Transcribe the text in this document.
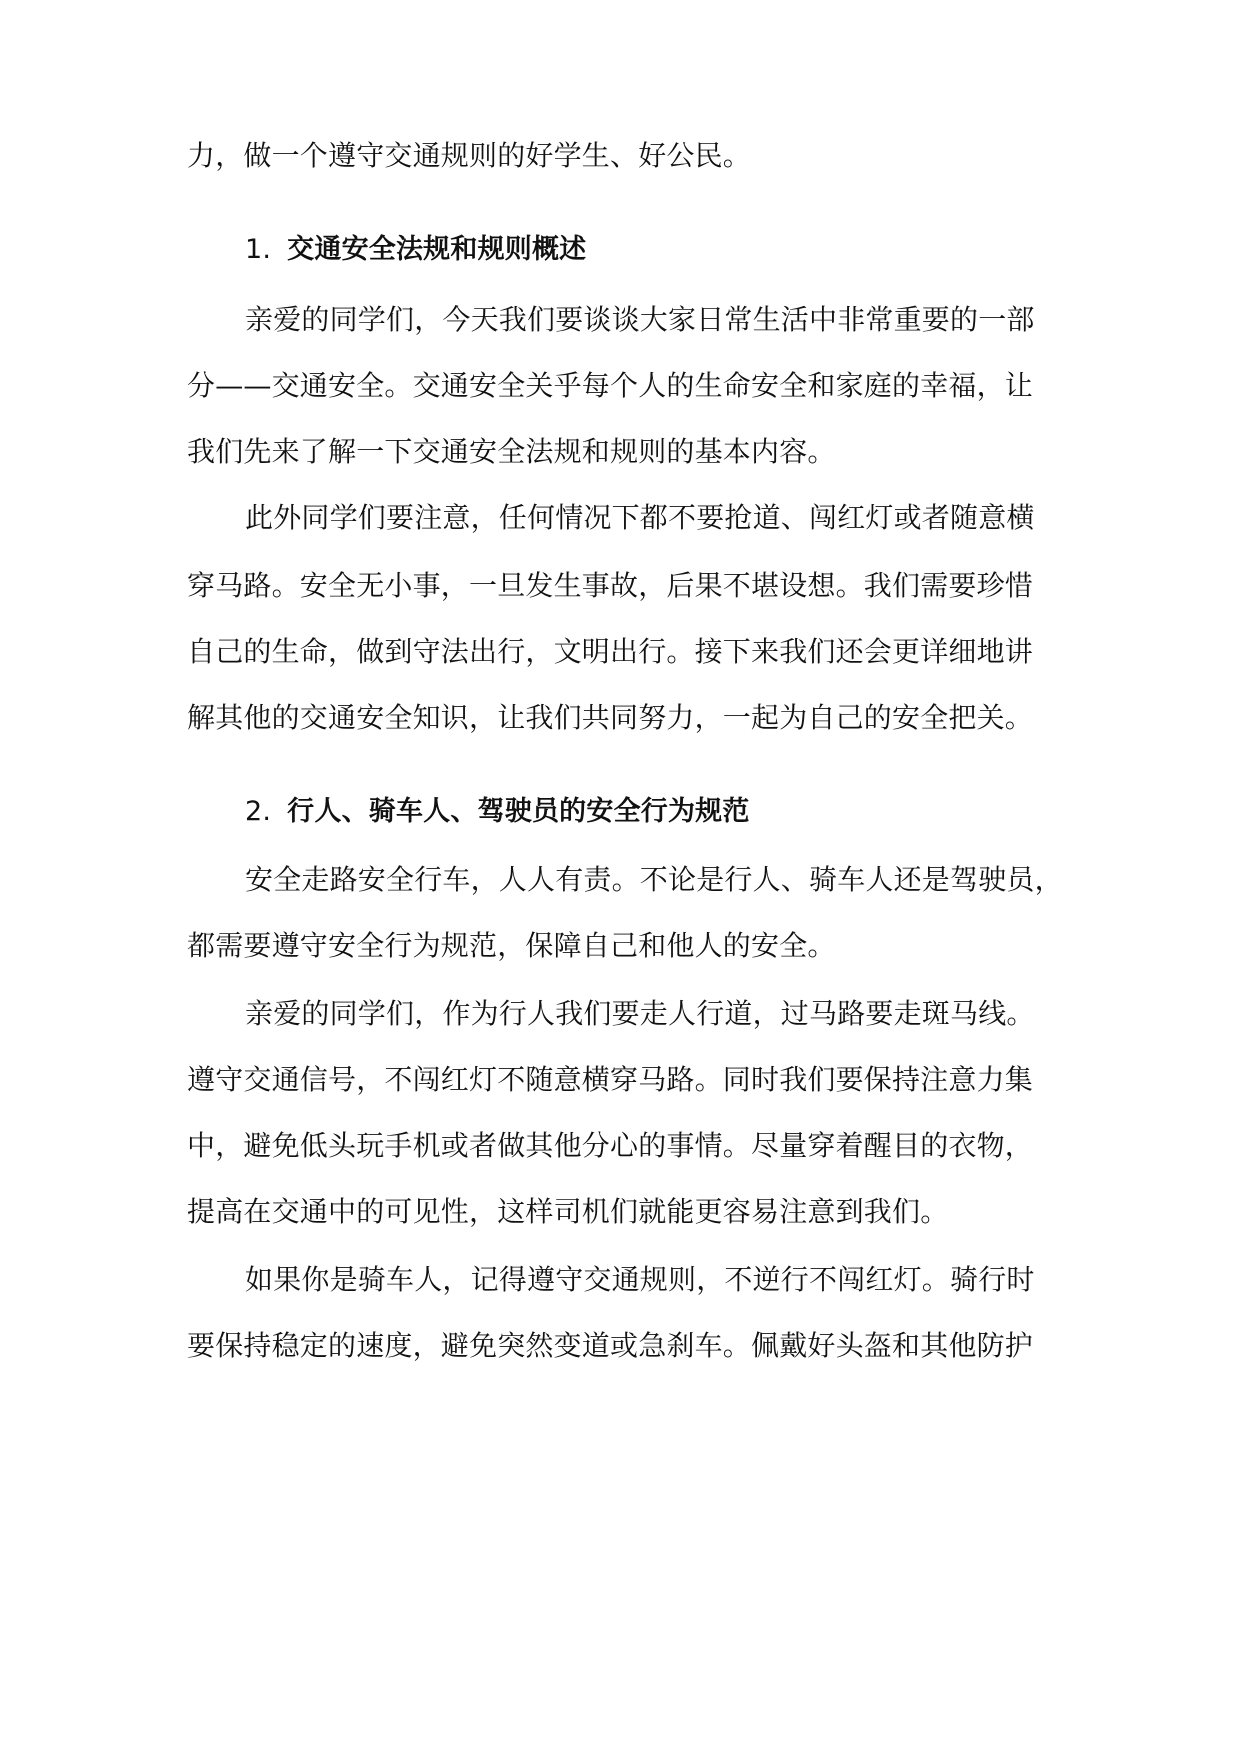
力，做一个遵守交通规则的好学生、好公民。
1. 交通安全法规和规则概述
亲爱的同学们，今天我们要谈谈大家日常生活中非常重要的一部
分——交通安全。交通安全关乎每个人的生命安全和家庭的幸福，让
我们先来了解一下交通安全法规和规则的基本内容。
此外同学们要注意，任何情况下都不要抢道、闯红灯或者随意横
穿马路。安全无小事，一旦发生事故，后果不堪设想。我们需要珍惜
自己的生命，做到守法出行，文明出行。接下来我们还会更详细地讲
解其他的交通安全知识，让我们共同努力，一起为自己的安全把关。
2. 行人、骑车人、驾驶员的安全行为规范
安全走路安全行车，人人有责。不论是行人、骑车人还是驾驶员，
都需要遵守安全行为规范，保障自己和他人的安全。
亲爱的同学们，作为行人我们要走人行道，过马路要走斑马线。
遵守交通信号，不闯红灯不随意横穿马路。同时我们要保持注意力集
中，避免低头玩手机或者做其他分心的事情。尽量穿着醒目的衣物，
提高在交通中的可见性，这样司机们就能更容易注意到我们。
如果你是骑车人，记得遵守交通规则，不逆行不闯红灯。骑行时
要保持稳定的速度，避免突然变道或急刹车。佩戴好头盔和其他防护
